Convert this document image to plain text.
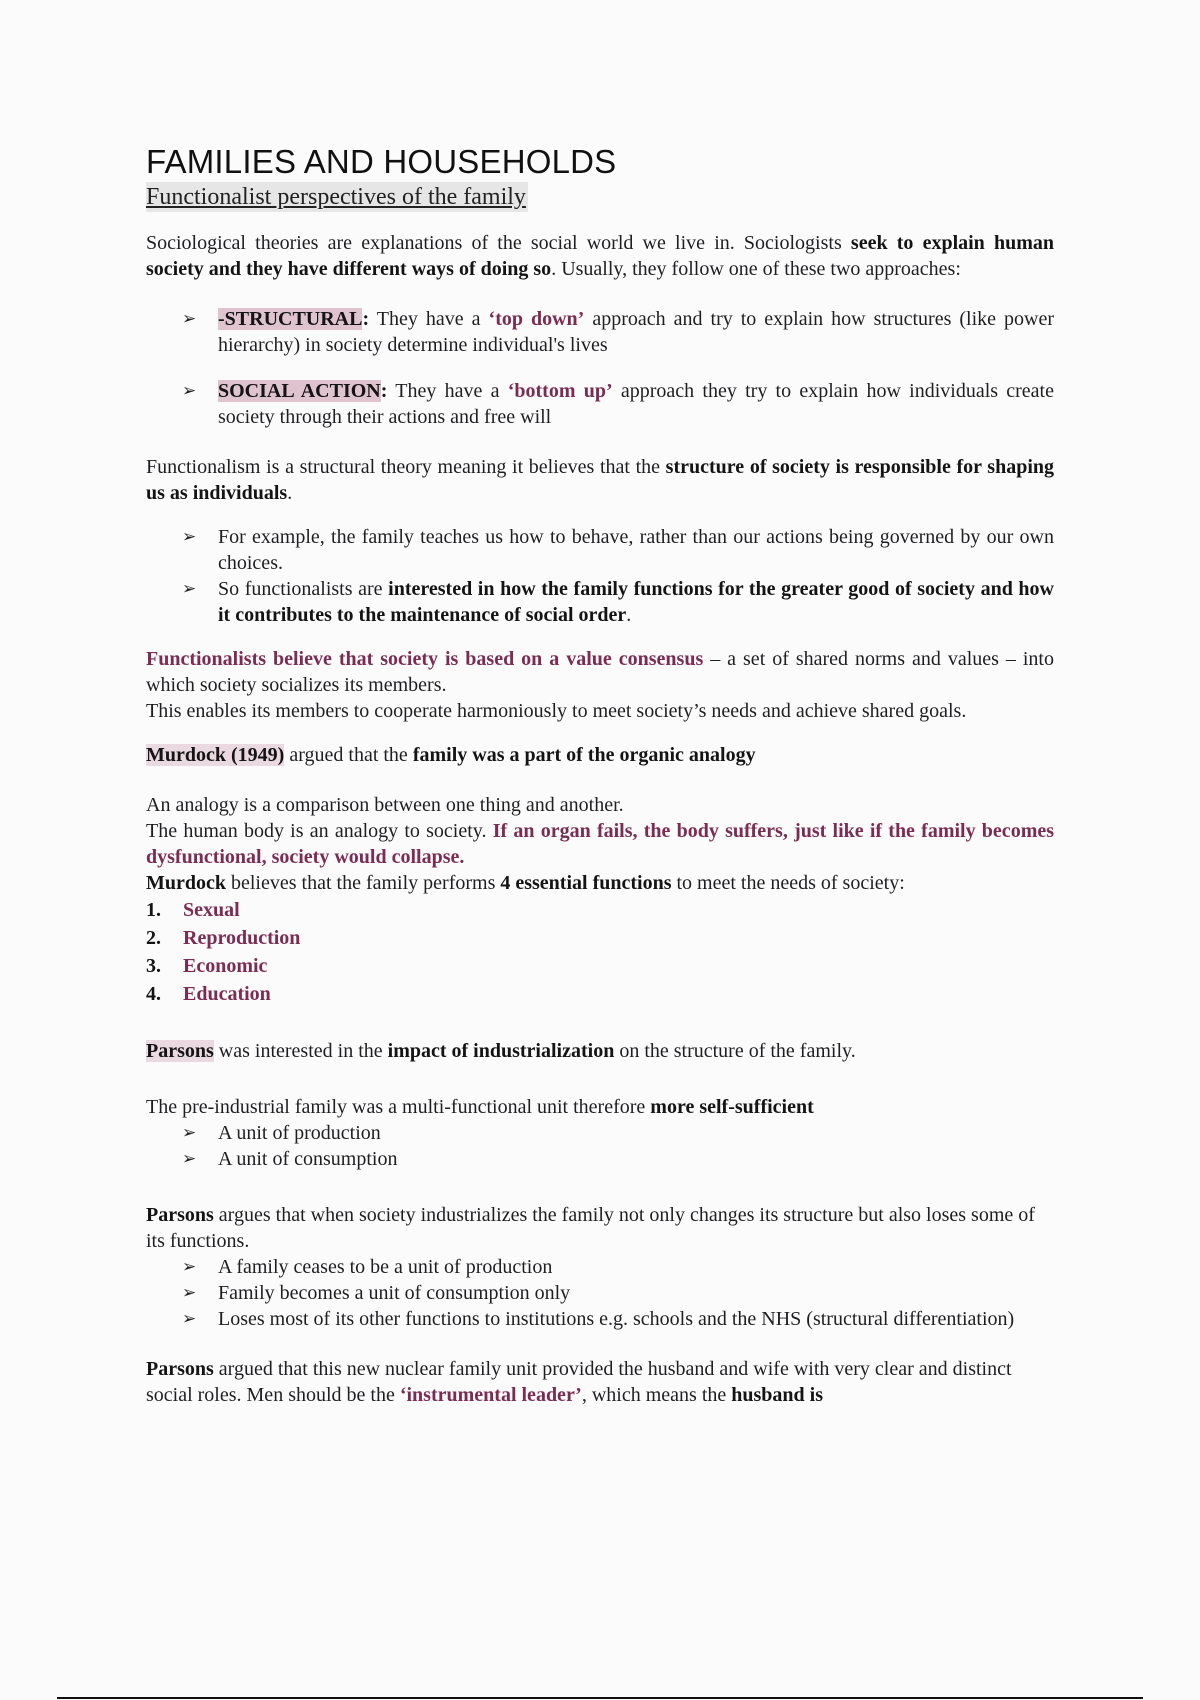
FAMILIES AND HOUSEHOLDS
Functionalist perspectives of the family

Sociological theories are explanations of the social world we live in. Sociologists seek to explain human society and they have different ways of doing so. Usually, they follow one of these two approaches:

➢ -STRUCTURAL: They have a ‘top down’ approach and try to explain how structures (like power hierarchy) in society determine individual's lives
➢ SOCIAL ACTION: They have a ‘bottom up’ approach they try to explain how individuals create society through their actions and free will

Functionalism is a structural theory meaning it believes that the structure of society is responsible for shaping us as individuals.

➢ For example, the family teaches us how to behave, rather than our actions being governed by our own choices.
➢ So functionalists are interested in how the family functions for the greater good of society and how it contributes to the maintenance of social order.

Functionalists believe that society is based on a value consensus – a set of shared norms and values – into which society socializes its members.

This enables its members to cooperate harmoniously to meet society’s needs and achieve shared goals.

Murdock (1949) argued that the family was a part of the organic analogy

An analogy is a comparison between one thing and another.

The human body is an analogy to society. If an organ fails, the body suffers, just like if the family becomes dysfunctional, society would collapse.

Murdock believes that the family performs 4 essential functions to meet the needs of society:

1. Sexual
2. Reproduction
3. Economic
4. Education

Parsons was interested in the impact of industrialization on the structure of the family.

The pre-industrial family was a multi-functional unit therefore more self-sufficient

➢ A unit of production
➢ A unit of consumption

Parsons argues that when society industrializes the family not only changes its structure but also loses some of its functions.

➢ A family ceases to be a unit of production
➢ Family becomes a unit of consumption only
➢ Loses most of its other functions to institutions e.g. schools and the NHS (structural differentiation)

Parsons argued that this new nuclear family unit provided the husband and wife with very clear and distinct social roles. Men should be the ‘instrumental leader’, which means the husband is
